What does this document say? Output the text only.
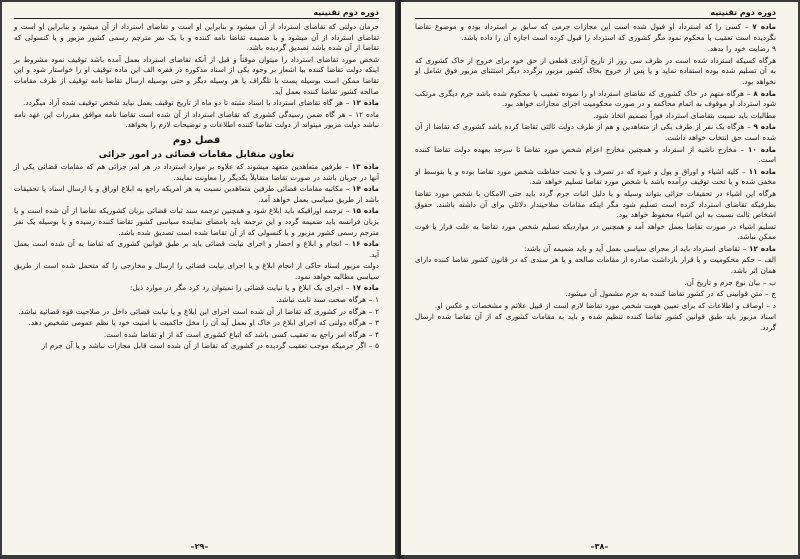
دوره دوم تقنینیه
جرمان دولتی که تقاضای استرداد از آن میشود و بنابراین او است و تقاضای استرداد از آن میشود و بنابراین او است و تقاضای استرداد از آن میشود و با ضمیمه تقاضا نامه کننده و با یک نفر مترجم رسمی کشور مزبور و یا کنسولی که تقاضا از آن شده باشد تصدیق گردیده باشد.
شخص مورد تقاضای استرداد را میتوان موقتاً و قبل از آنکه تقاضای استرداد بعمل آمده باشد توقیف نمود مشروط بر اینکه دولت تقاضا کننده ببا اشعار بر وجود یکی از اسناد مذکوره در فقره الف این ماده توقیف او را خواستار شود و این تقاضا ممکن است بوسیله پست یا تلگراف یا هر وسیله دیگر و حتی بوسیله ارسال تقاضا نامه توقیف از طرف مقامات صالحه کشور تقاضا کننده بعمل آید.
ماده ۱۲ – هر گاه تقاضای استرداد با اسناد مثبته تا دو ماه از تاریخ توقیف بعمل نیاید شخص توقیف شده آزاد میگردد.
ماده ۱۲ – هر گاه ضمن رسیدگی کشوری که تقاضای استرداد از آن شده است تقاضا نامه موافق مقررات این عهد نامه نباشد دولت مزبور میتواند از دولت تقاضا کننده اطلاعات و توضیحات لازم را بخواهد.
فصل دوم
تعاون متقابل مقامات قضائی در امور جزائی
ماده ۱۳ – طرفین متعاهدین متعهد میشوند که علاوه بر موارد استرداد در هر امر جزائی هم که مقامات قضائی یکی از آنها در جریان باشد در صورت تقاضا متقابلاً یکدیگر را معاونت نمایند.
ماده ۱۴ – مکاتبه مقامات قضائی طرفین متعاهدین نسبت به هر امریکه راجع به ابلاغ اوراق و یا ارسال اسناد یا تحقیقات باشد از طریق سیاسی بعمل خواهد آمد.
ماده ۱۵ – ترجمه اوراقیکه باید ابلاغ شود و همچنین ترجمه سند ثبات قضائی بزبان کشوریکه تقاضا از آن شده است و یا بزبان فرانسه باید ضمیمه گردد و این ترجمه باید بامضای نماینده سیاسی کشور تقاضا کننده رسیده و یا بوسیله یک نفر مترجم رسمی کشور مزبور و یا کنسولی که از آن تقاضا شده است تصدیق شده باشد.
ماده ۱۶ – انجام و ابلاغ و احضار و اجرای نیابت قضائی باید بر طبق قوانین کشوری که تقاضا به آن شده است بعمل آید.
دولت مزبور اسناد حاکی از انجام ابلاغ و یا اجرای نیابت قضائی را ارسال و مخارجی را که متحمل شده است از طریق سیاسی مطالبه خواهد نمود.
ماده ۱۷ – اجرای یک ابلاغ و یا نیابت قضائی را نمیتوان رد کرد مگر در موارد ذیل:
۱ – هرگاه صحت سند ثابت نباشد.
۲ – هرگاه در کشوری که تقاضا از آن شده است اجرای این ابلاغ و یا نیابت قضائی داخل در صلاحیت قوه قضائیه نباشد.
۳ – هرگاه دولتی که اجرای ابلاغ در خاک او بعمل آید آن را مخل حاکمیت یا امنیت خود یا نظم عمومی تشخیص دهد.
۴ – هرگاه امر راجع به تعقیب کسی باشد که اتباع کشوری است که از او تقاضا شده است.
۵ – اگر جرمیکه موجب تعقیب گردیده در کشوری که تقاضا از آن شده است قابل مجازات نباشد و یا آن جرم از
–۲۹–
دوره دوم تقنینیه
ماده ۷ – کسی را که استرداد او قبول شده است این مجازات جرمی که سابق بر استرداد بوده و موضوع تقاضا نگردیده است تعقیب یا محکوم نمود مگر کشوری که استرداد را قبول کرده است اجازه آن را داده باشد.
۹ رضایت خود را بدهد.
هرگاه کسیکه استرداد شده است در ظرف سی روز از تاریخ آزادی قطعی از حق خود برای خروج از خاک کشوری که به آن تسلیم شده بوده استفاده نماید و یا پس از خروج بخاک کشور مزبور برگردد دیگر استثنای مزبور فوق شامل او نخواهد بود.
ماده ۸ – هرگاه متهم در خاک کشوری که تقاضای استرداد او را نموده تعقیب یا محکوم شده باشد جرم دیگری مرتکب شود استرداد او موقوف به اتمام محاکمه و در صورت محکومیت اجرای مجازات خواهد بود.
مطالبات باید نسبت بتقاضای استرداد فوراً تصمیم اتخاذ شود.
ماده ۹ – هرگاه یک نفر از طرف یکی از متعاهدین و هم از طرف دولت ثالثی تقاضا کرده باشد کشوری که تقاضا از آن شده است حق انتخاب خواهد داشت.
ماده ۱۰ – مخارج ناشیه از استرداد و همچنین مخارج اعزام شخص مورد تقاضا تا سرحد بعهده دولت تقاضا کننده است.
ماده ۱۱ – کلیه اشیاء و اوراق و پول و غیره که در تصرف و یا تحت حفاظت شخص مورد تقاضا بوده و یا بتوسط او مخفی شده و یا تحت توقیف درآمده باشد با شخص مورد تقاضا تسلیم خواهد شد.
هرگاه این اشیاء در تحقیقات جزائی بتواند وسیله و یا دلیل اثبات جرم گردد باید حتی الامکان با شخص مورد تقاضا بطرفیکه تقاضای استرداد کرده است تسلیم شود مگر اینکه مقامات صلاحیتدار دلائلی برای آن داشته باشند. حقوق اشخاص ثالث نسبت به این اشیاء محفوظ خواهد بود.
تسلیم اشیاء در صورت تقاضا بعمل خواهد آمد و همچنین در مواردیکه تسلیم شخص مورد تقاضا به علت فرار یا فوت ممکن نباشد.
ماده ۱۲ – تقاضای استرداد باید از مجرای سیاسی بعمل آید و باید ضمیمه آن باشد:
الف – حکم محکومیت و یا قرار بازداشت صادره از مقامات صالحه و یا هر سندی که در قانون کشور تقاضا کننده دارای همان اثر باشد.
ب – بیان نوع جرم و تاریخ آن.
ج – متن قوانینی که در کشور تقاضا کننده به جرم مشمول آن میشود.
د – اوصاف و اطلاعات که برای تعیین هویت شخص مورد تقاضا لازم است از قبیل علائم و مشخصات و عکس او.
اسناد مزبور باید طبق قوانین کشور تقاضا کننده تنظیم شده و باید به مقامات کشوری که از آن تقاضا شده ارسال گردد.
–۳۸–
